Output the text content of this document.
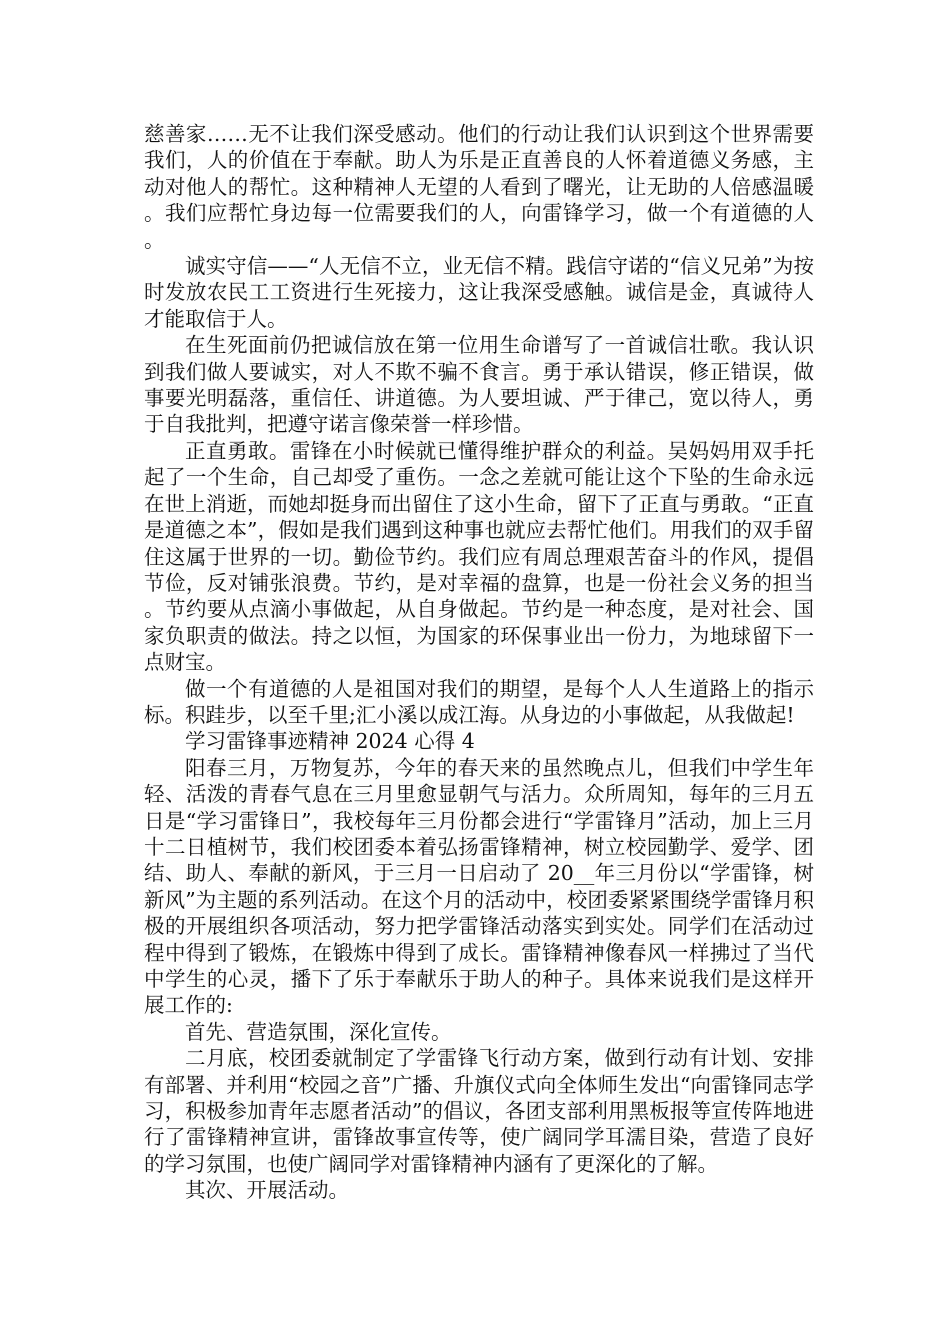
慈善家……无不让我们深受感动。他们的行动让我们认识到这个世界需要我们，人的价值在于奉献。助人为乐是正直善良的人怀着道德义务感，主动对他人的帮忙。这种精神人无望的人看到了曙光，让无助的人倍感温暖。我们应帮忙身边每一位需要我们的人，向雷锋学习，做一个有道德的人。

诚实守信——“人无信不立，业无信不精。践信守诺的“信义兄弟”为按时发放农民工工资进行生死接力，这让我深受感触。诚信是金，真诚待人才能取信于人。

在生死面前仍把诚信放在第一位用生命谱写了一首诚信壮歌。我认识到我们做人要诚实，对人不欺不骗不食言。勇于承认错误，修正错误，做事要光明磊落，重信任、讲道德。为人要坦诚、严于律己，宽以待人，勇于自我批判，把遵守诺言像荣誉一样珍惜。

正直勇敢。雷锋在小时候就已懂得维护群众的利益。吴妈妈用双手托起了一个生命，自己却受了重伤。一念之差就可能让这个下坠的生命永远在世上消逝，而她却挺身而出留住了这小生命，留下了正直与勇敢。“正直是道德之本”，假如是我们遇到这种事也就应去帮忙他们。用我们的双手留住这属于世界的一切。勤俭节约。我们应有周总理艰苦奋斗的作风，提倡节俭，反对铺张浪费。节约，是对幸福的盘算，也是一份社会义务的担当。节约要从点滴小事做起，从自身做起。节约是一种态度，是对社会、国家负职责的做法。持之以恒，为国家的环保事业出一份力，为地球留下一点财宝。

做一个有道德的人是祖国对我们的期望，是每个人人生道路上的指示标。积跬步，以至千里;汇小溪以成江海。从身边的小事做起，从我做起!

学习雷锋事迹精神 2024 心得 4

阳春三月，万物复苏，今年的春天来的虽然晚点儿，但我们中学生年轻、活泼的青春气息在三月里愈显朝气与活力。众所周知，每年的三月五日是“学习雷锋日”，我校每年三月份都会进行“学雷锋月”活动，加上三月十二日植树节，我们校团委本着弘扬雷锋精神，树立校园勤学、爱学、团结、助人、奉献的新风，于三月一日启动了 20__年三月份以“学雷锋，树新风”为主题的系列活动。在这个月的活动中，校团委紧紧围绕学雷锋月积极的开展组织各项活动，努力把学雷锋活动落实到实处。同学们在活动过程中得到了锻炼，在锻炼中得到了成长。雷锋精神像春风一样拂过了当代中学生的心灵，播下了乐于奉献乐于助人的种子。具体来说我们是这样开展工作的:

首先、营造氛围，深化宣传。

二月底，校团委就制定了学雷锋飞行动方案，做到行动有计划、安排有部署、并利用“校园之音”广播、升旗仪式向全体师生发出“向雷锋同志学习，积极参加青年志愿者活动”的倡议，各团支部利用黑板报等宣传阵地进行了雷锋精神宣讲，雷锋故事宣传等，使广阔同学耳濡目染，营造了良好的学习氛围，也使广阔同学对雷锋精神内涵有了更深化的了解。

其次、开展活动。
